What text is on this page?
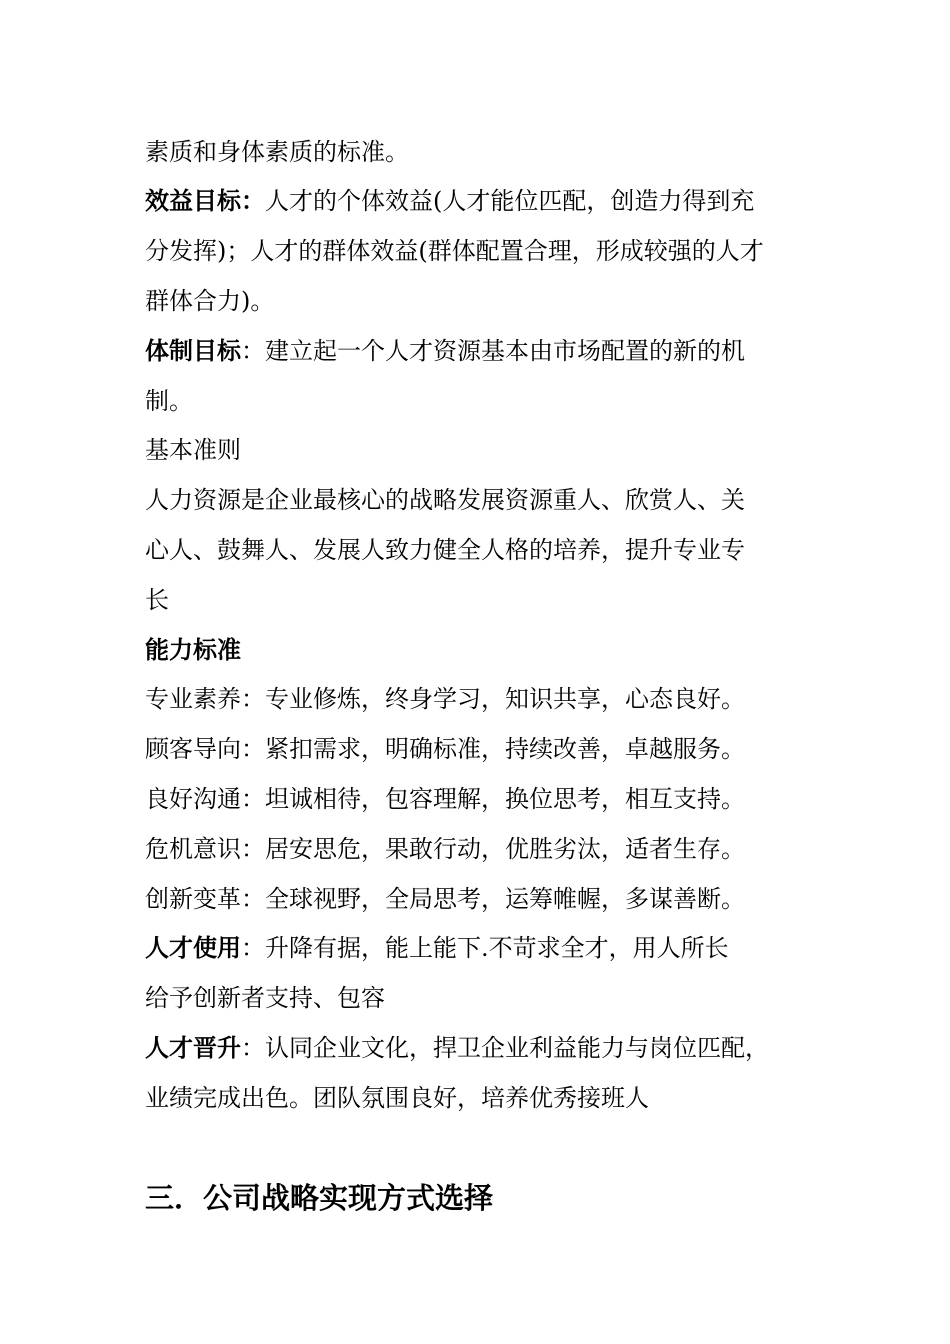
素质和身体素质的标准。
效益目标：人才的个体效益(人才能位匹配，创造力得到充
分发挥)；人才的群体效益(群体配置合理，形成较强的人才
群体合力)。
体制目标：建立起一个人才资源基本由市场配置的新的机
制。
基本准则
人力资源是企业最核心的战略发展资源重人、欣赏人、关
心人、鼓舞人、发展人致力健全人格的培养，提升专业专
长
能力标准
专业素养：专业修炼，终身学习，知识共享，心态良好。
顾客导向：紧扣需求，明确标准，持续改善，卓越服务。
良好沟通：坦诚相待，包容理解，换位思考，相互支持。
危机意识：居安思危，果敢行动，优胜劣汰，适者生存。
创新变革：全球视野，全局思考，运筹帷幄，多谋善断。
人才使用：升降有据，能上能下.不苛求全才，用人所长
给予创新者支持、包容
人才晋升：认同企业文化，捍卫企业利益能力与岗位匹配，
业绩完成出色。团队氛围良好，培养优秀接班人
三．公司战略实现方式选择
